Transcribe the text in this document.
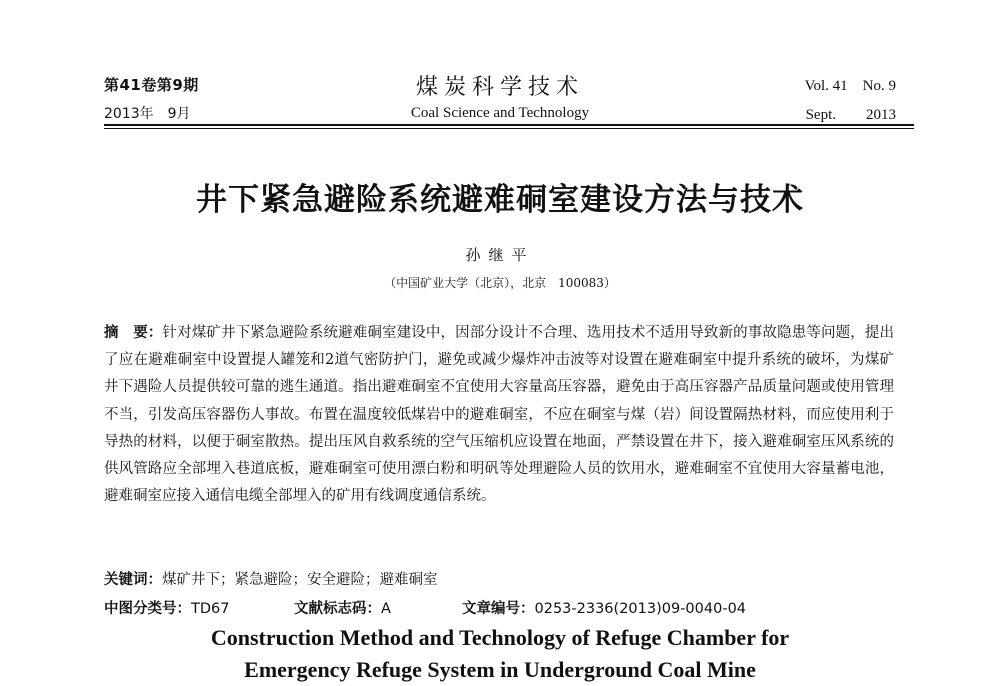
第41卷第9期
2013年　9月
煤炭科学技术
Coal Science and Technology
Vol. 41　No. 9
Sept.　　2013
井下紧急避险系统避难硐室建设方法与技术
孙继平
（中国矿业大学（北京），北京　100083）
摘　要：针对煤矿井下紧急避险系统避难硐室建设中，因部分设计不合理、选用技术不适用导致新的事故隐患等问题，提出了应在避难硐室中设置提人罐笼和2道气密防护门，避免或减少爆炸冲击波等对设置在避难硐室中提升系统的破坏，为煤矿井下遇险人员提供较可靠的逃生通道。指出避难硐室不宜使用大容量高压容器，避免由于高压容器产品质量问题或使用管理不当，引发高压容器伤人事故。布置在温度较低煤岩中的避难硐室，不应在硐室与煤（岩）间设置隔热材料，而应使用利于导热的材料，以便于硐室散热。提出压风自救系统的空气压缩机应设置在地面，严禁设置在井下，接入避难硐室压风系统的供风管路应全部埋入巷道底板，避难硐室可使用漂白粉和明矾等处理避险人员的饮用水，避难硐室不宜使用大容量蓄电池，避难硐室应接入通信电缆全部埋入的矿用有线调度通信系统。
关键词：煤矿井下；紧急避险；安全避险；避难硐室
中图分类号：TD67	文献标志码：A	文章编号：0253-2336(2013)09-0040-04
Construction Method and Technology of Refuge Chamber for
Emergency Refuge System in Underground Coal Mine
